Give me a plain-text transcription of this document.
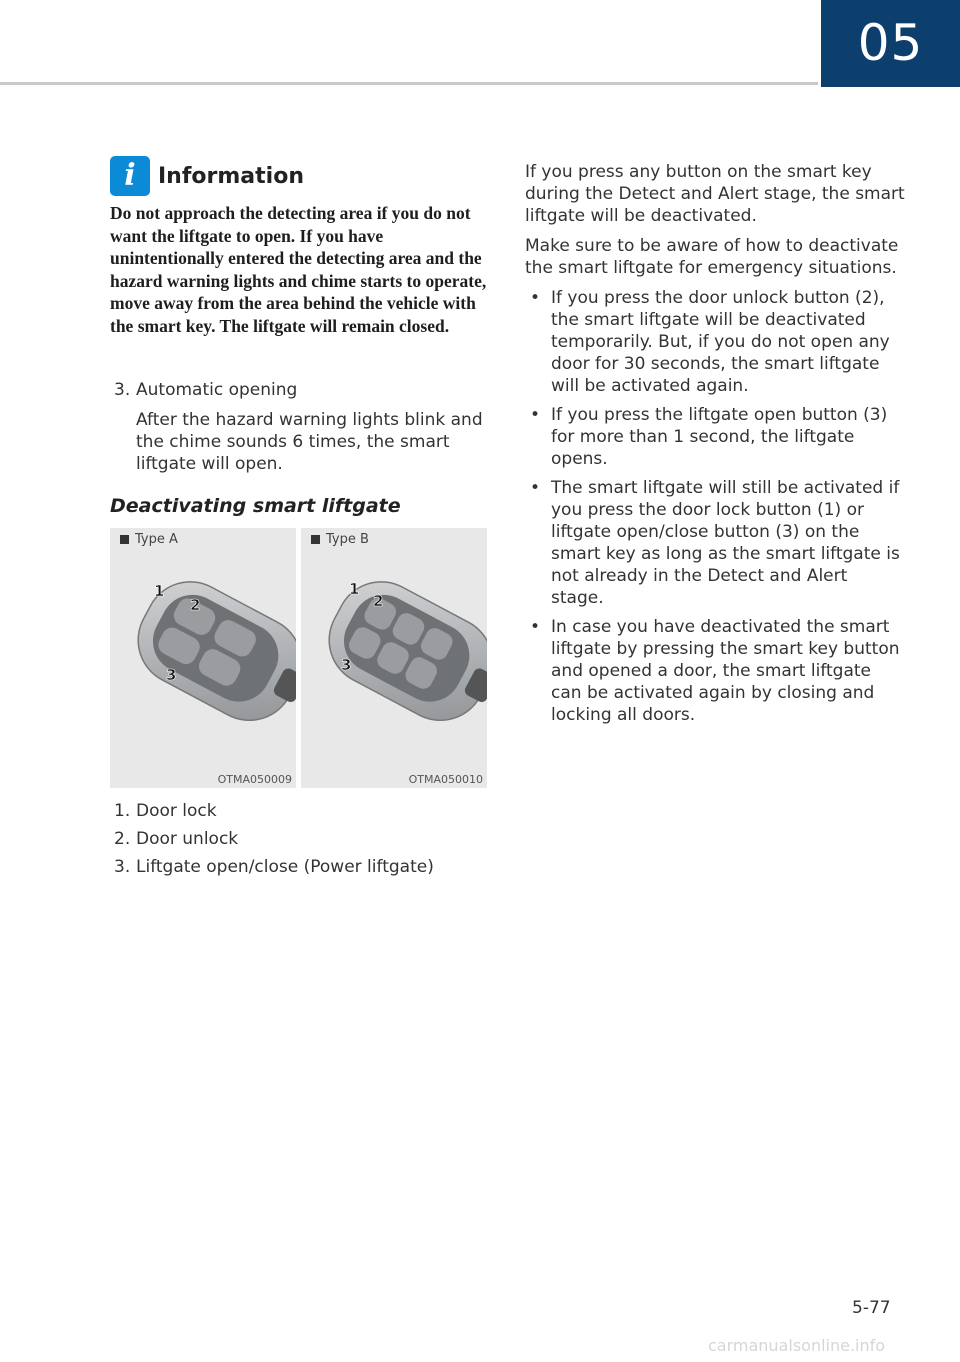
05
i	Information
Do not approach the detecting area if you do not want the liftgate to open. If you have unintentionally entered the detecting area and the hazard warning lights and chime starts to operate, move away from the area behind the vehicle with the smart key. The liftgate will remain closed.
3. Automatic opening
After the hazard warning lights blink and the chime sounds 6 times, the smart liftgate will open.
Deactivating smart liftgate
Type A
1
2
3
OTMA050009
Type B
1
2
3
OTMA050010
1. Door lock
2. Door unlock
3. Liftgate open/close (Power liftgate)

If you press any button on the smart key during the Detect and Alert stage, the smart liftgate will be deactivated.

Make sure to be aware of how to deactivate the smart liftgate for emergency situations.

• If you press the door unlock button (2), the smart liftgate will be deactivated temporarily. But, if you do not open any door for 30 seconds, the smart liftgate will be activated again.
• If you press the liftgate open button (3) for more than 1 second, the liftgate opens.
• The smart liftgate will still be activated if you press the door lock button (1) or liftgate open/close button (3) on the smart key as long as the smart liftgate is not already in the Detect and Alert stage.
• In case you have deactivated the smart liftgate by pressing the smart key button and opened a door, the smart liftgate can be activated again by closing and locking all doors.
5-77
carmanualsonline.info
